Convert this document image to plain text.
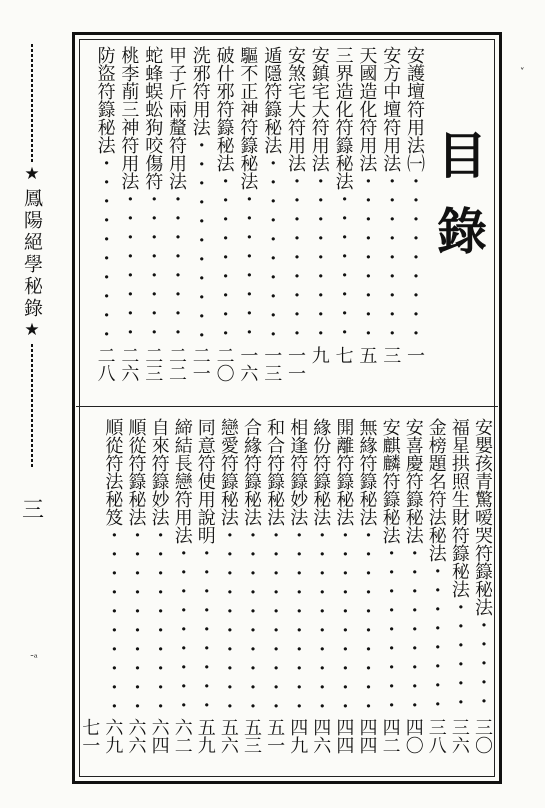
★
鳳陽絕學秘錄
★
三
ᐨᵃ
˅
目錄
安護壇符用法㈠ ・・・・・・・・・・・・・・・・・・・・・・・・・・・・・・・・・・・・
一
安方中壇符用法 ・・・・・・・・・・・・・・・・・・・・・・・・・・・・・・・・・・・・
三
天國造化符用法 ・・・・・・・・・・・・・・・・・・・・・・・・・・・・・・・・・・・・
五
三界造化符籙秘法 ・・・・・・・・・・・・・・・・・・・・・・・・・・・・・・・・・・・・
七
安鎮宅大符用法 ・・・・・・・・・・・・・・・・・・・・・・・・・・・・・・・・・・・・
九
安煞宅大符用法 ・・・・・・・・・・・・・・・・・・・・・・・・・・・・・・・・・・・・
一一
遁隱符籙秘法 ・・・・・・・・・・・・・・・・・・・・・・・・・・・・・・・・・・・・
一三
驅不正神符籙秘法 ・・・・・・・・・・・・・・・・・・・・・・・・・・・・・・・・・・・・
一六
破什邪符籙秘法 ・・・・・・・・・・・・・・・・・・・・・・・・・・・・・・・・・・・・
二〇
洗邪符用法 ・・・・・・・・・・・・・・・・・・・・・・・・・・・・・・・・・・・・
二一
甲子斤兩釐符用法 ・・・・・・・・・・・・・・・・・・・・・・・・・・・・・・・・・・・・
二二
蛇蜂蜈蚣狗咬傷符 ・・・・・・・・・・・・・・・・・・・・・・・・・・・・・・・・・・・・
二三
桃李萷三神符用法 ・・・・・・・・・・・・・・・・・・・・・・・・・・・・・・・・・・・・
二六
防盜符籙秘法 ・・・・・・・・・・・・・・・・・・・・・・・・・・・・・・・・・・・・
二八
安嬰孩青驚嗳哭符籙秘法 ・・・・・・・・・・・・・・・・・・・・・・・・・・・・・・・・・・・・
三〇
福星拱照生財符籙秘法 ・・・・・・・・・・・・・・・・・・・・・・・・・・・・・・・・・・・・
三六
金榜題名符法秘法 ・・・・・・・・・・・・・・・・・・・・・・・・・・・・・・・・・・・・
三八
安喜慶符籙秘法 ・・・・・・・・・・・・・・・・・・・・・・・・・・・・・・・・・・・・
四〇
安麒麟符籙秘法 ・・・・・・・・・・・・・・・・・・・・・・・・・・・・・・・・・・・・
四二
無緣符籙秘法 ・・・・・・・・・・・・・・・・・・・・・・・・・・・・・・・・・・・・
四四
開離符籙秘法 ・・・・・・・・・・・・・・・・・・・・・・・・・・・・・・・・・・・・
四四
緣份符籙秘法 ・・・・・・・・・・・・・・・・・・・・・・・・・・・・・・・・・・・・
四六
相逢符籙妙法 ・・・・・・・・・・・・・・・・・・・・・・・・・・・・・・・・・・・・
四九
和合符籙秘法 ・・・・・・・・・・・・・・・・・・・・・・・・・・・・・・・・・・・・
五一
合緣符籙秘法 ・・・・・・・・・・・・・・・・・・・・・・・・・・・・・・・・・・・・
五三
戀愛符籙秘法 ・・・・・・・・・・・・・・・・・・・・・・・・・・・・・・・・・・・・
五六
同意符使用說明 ・・・・・・・・・・・・・・・・・・・・・・・・・・・・・・・・・・・・
五九
締結長戀符用法 ・・・・・・・・・・・・・・・・・・・・・・・・・・・・・・・・・・・・
六二
自來符籙妙法 ・・・・・・・・・・・・・・・・・・・・・・・・・・・・・・・・・・・・
六四
順從符籙秘法 ・・・・・・・・・・・・・・・・・・・・・・・・・・・・・・・・・・・・
六六
順從符法秘笈 ・・・・・・・・・・・・・・・・・・・・・・・・・・・・・・・・・・・・
六九
七一
